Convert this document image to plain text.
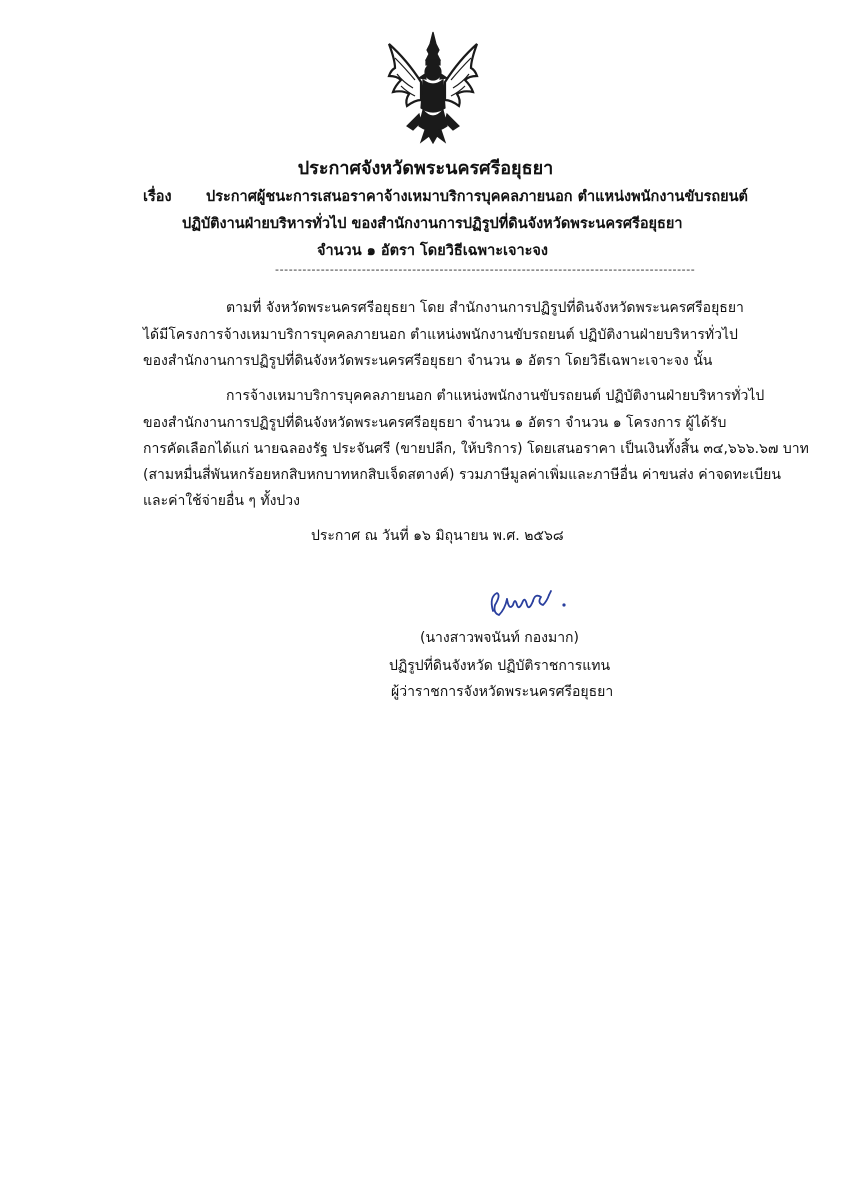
ประกาศจังหวัดพระนครศรีอยุธยา
เรื่อง ประกาศผู้ชนะการเสนอราคาจ้างเหมาบริการบุคคลภายนอก ตำแหน่งพนักงานขับรถยนต์
ปฏิบัติงานฝ่ายบริหารทั่วไป ของสำนักงานการปฏิรูปที่ดินจังหวัดพระนครศรีอยุธยา
จำนวน ๑ อัตรา โดยวิธีเฉพาะเจาะจง
--------------------------------------------------------------------------------------------
ตามที่ จังหวัดพระนครศรีอยุธยา โดย สำนักงานการปฏิรูปที่ดินจังหวัดพระนครศรีอยุธยา
ได้มีโครงการจ้างเหมาบริการบุคคลภายนอก ตำแหน่งพนักงานขับรถยนต์ ปฏิบัติงานฝ่ายบริหารทั่วไป
ของสำนักงานการปฏิรูปที่ดินจังหวัดพระนครศรีอยุธยา จำนวน ๑ อัตรา โดยวิธีเฉพาะเจาะจง นั้น
การจ้างเหมาบริการบุคคลภายนอก ตำแหน่งพนักงานขับรถยนต์ ปฏิบัติงานฝ่ายบริหารทั่วไป
ของสำนักงานการปฏิรูปที่ดินจังหวัดพระนครศรีอยุธยา จำนวน ๑ อัตรา จำนวน ๑ โครงการ ผู้ได้รับ
การคัดเลือกได้แก่ นายฉลองรัฐ ประจันศรี (ขายปลีก, ให้บริการ) โดยเสนอราคา เป็นเงินทั้งสิ้น ๓๔,๖๖๖.๖๗ บาท
(สามหมื่นสี่พันหกร้อยหกสิบหกบาทหกสิบเจ็ดสตางค์) รวมภาษีมูลค่าเพิ่มและภาษีอื่น ค่าขนส่ง ค่าจดทะเบียน
และค่าใช้จ่ายอื่น ๆ ทั้งปวง
ประกาศ ณ วันที่ ๑๖ มิถุนายน พ.ศ. ๒๕๖๘
(นางสาวพจนันท์ กองมาก)
ปฏิรูปที่ดินจังหวัด ปฏิบัติราชการแทน
ผู้ว่าราชการจังหวัดพระนครศรีอยุธยา
